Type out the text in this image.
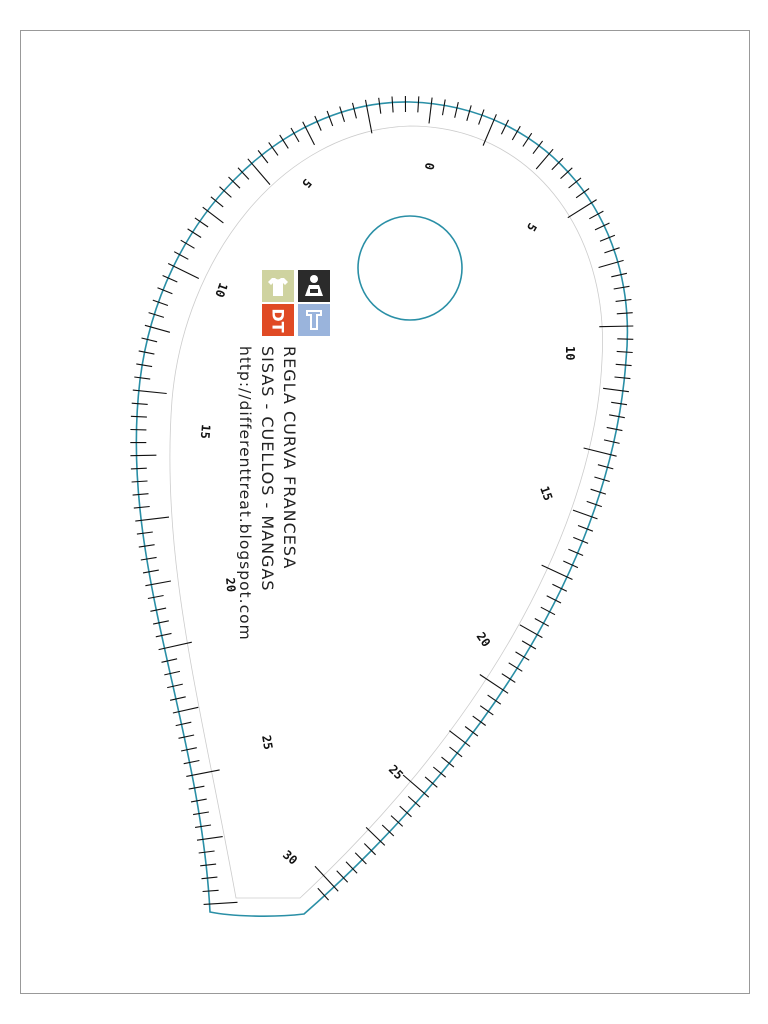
0
5
10
15
20
25
30
5
10
15
20
25
DT
REGLA CURVA FRANCESA
SISAS - CUELLOS - MANGAS
http://differenttreat.blogspot.com
